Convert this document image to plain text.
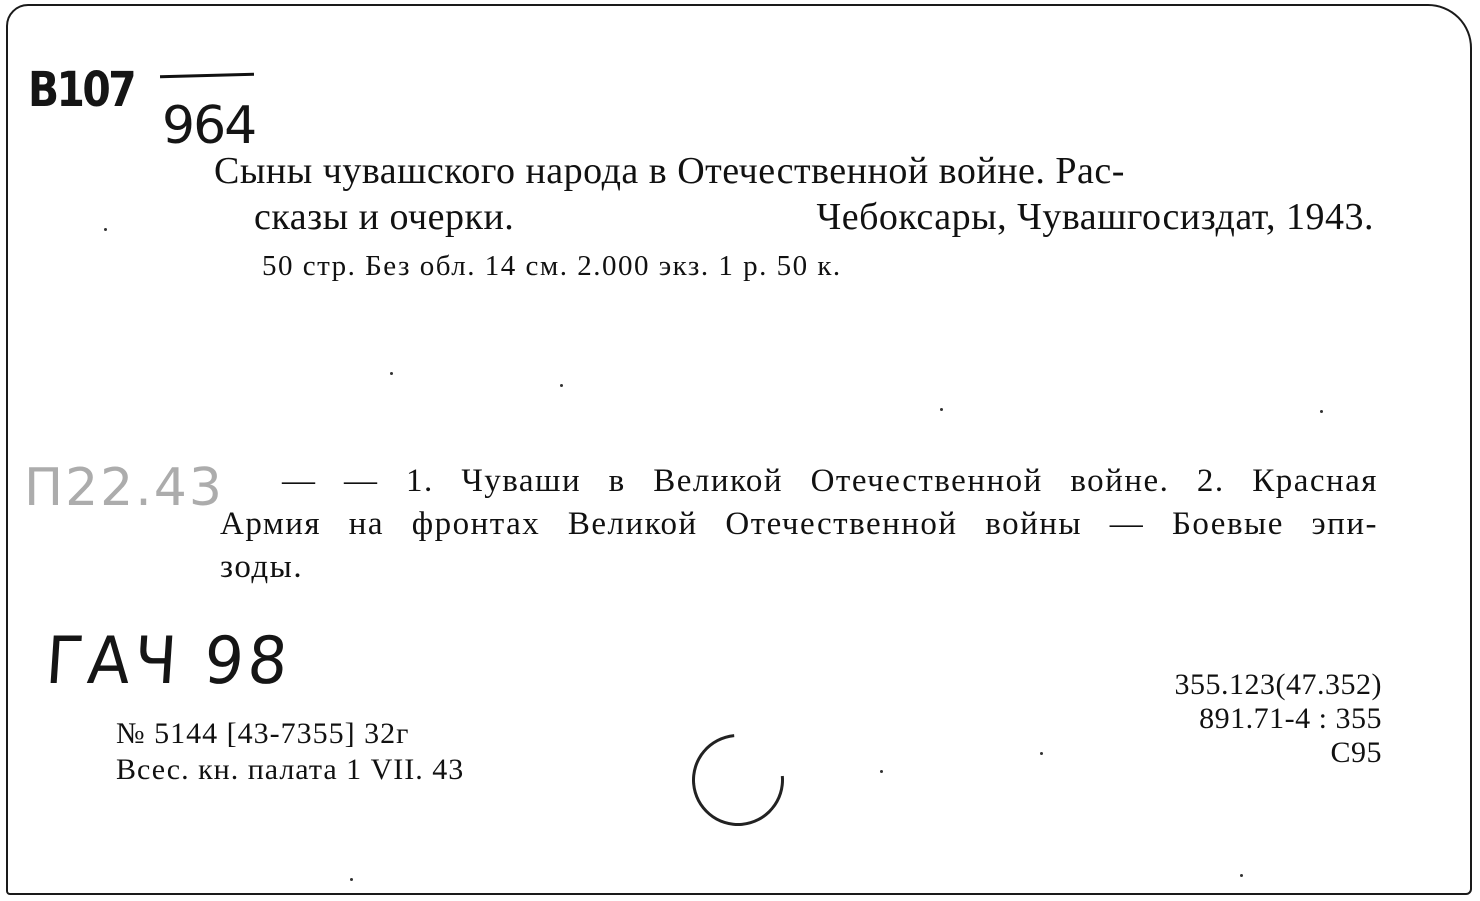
B107
964
Сыны чувашского народа в Отечественной войне. Рас-
сказы и очерки.	Чебоксары, Чувашгосиздат, 1943.
50 стр. Без обл. 14 см. 2.000 экз. 1 р. 50 к.
П22.43	— — 1. Чуваши в Великой Отечественной войне. 2. Красная
Армия на фронтах Великой Отечественной войны — Боевые эпи-
зоды.
ГАЧ 98
№ 5144 [43-7355] 32г
Всес. кн. палата 1 VII. 43
355.123(47.352)
891.71-4 : 355
С95
